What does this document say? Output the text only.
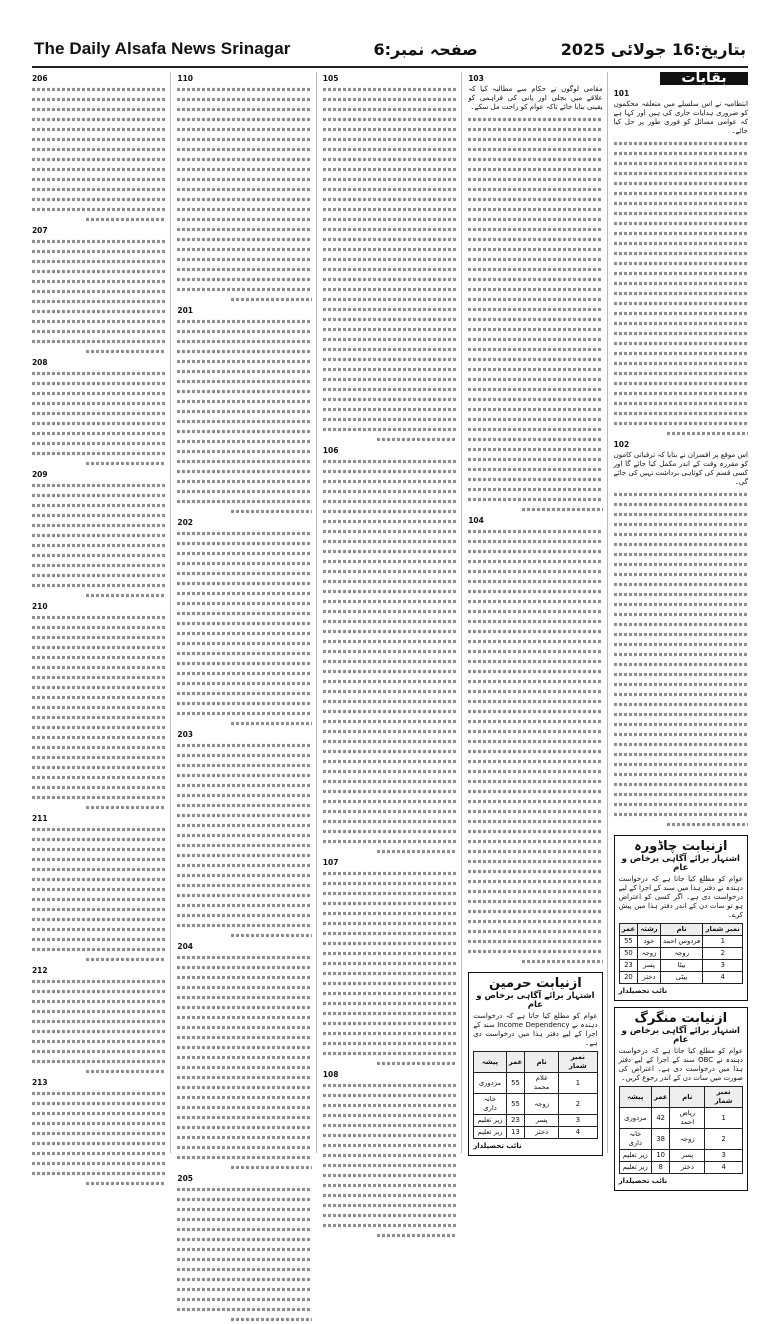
The Daily Alsafa News Srinagar	صفحہ نمبر:6	بتاریخ:16 جولائی 2025
بقایات
101

انتظامیہ نے اس سلسلے میں متعلقہ محکموں کو ضروری ہدایات جاری کی ہیں اور کہا ہے کہ عوامی مسائل کو فوری طور پر حل کیا جائے۔

102

اس موقع پر افسران نے بتایا کہ ترقیاتی کاموں کو مقررہ وقت کے اندر مکمل کیا جائے گا اور کسی قسم کی کوتاہی برداشت نہیں کی جائے گی۔

ازنیابت چاڈورہ
اشتہار برائے آگاہی برخاص و عام
عوام کو مطلع کیا جاتا ہے کہ درخواست دہندہ نے دفتر ہذا میں سند کے اجرا کے لیے درخواست دی ہے۔ اگر کسی کو اعتراض ہو تو سات دن کے اندر دفتر ہذا میں پیش کرے۔
نمبر شمار	نام	رشتہ	عمر
1	فردوس احمد	خود	55
2	زوجہ	زوجہ	50
3	بیٹا	پسر	23
4	بیٹی	دختر	20
نائب تحصیلدار
ازنیابت منگرگ
اشتہار برائے آگاہی برخاص و عام
عوام کو مطلع کیا جاتا ہے کہ درخواست دہندہ نے OBC سند کے اجرا کے لیے دفتر ہذا میں درخواست دی ہے۔ اعتراض کی صورت میں سات دن کے اندر رجوع کریں۔
نمبر شمار	نام	عمر	پیشہ
1	ریاض احمد	42	مزدوری
2	زوجہ	38	خانہ داری
3	پسر	10	زیر تعلیم
4	دختر	8	زیر تعلیم
نائب تحصیلدار
103

مقامی لوگوں نے حکام سے مطالبہ کیا کہ علاقے میں بجلی اور پانی کی فراہمی کو یقینی بنایا جائے تاکہ عوام کو راحت مل سکے۔

104
ازنیابت حرمین
اشتہار برائے آگاہی برخاص و عام
عوام کو مطلع کیا جاتا ہے کہ درخواست دہندہ نے Income Dependency سند کے اجرا کے لیے دفتر ہذا میں درخواست دی ہے۔
نمبر شمار	نام	عمر	پیشہ
1	غلام محمد	55	مزدوری
2	زوجہ	55	خانہ داری
3	پسر	23	زیر تعلیم
4	دختر	13	زیر تعلیم
نائب تحصیلدار
105
106
107
108
110
201
202
203
204
205
206
207
208
209
210
211
212
213
